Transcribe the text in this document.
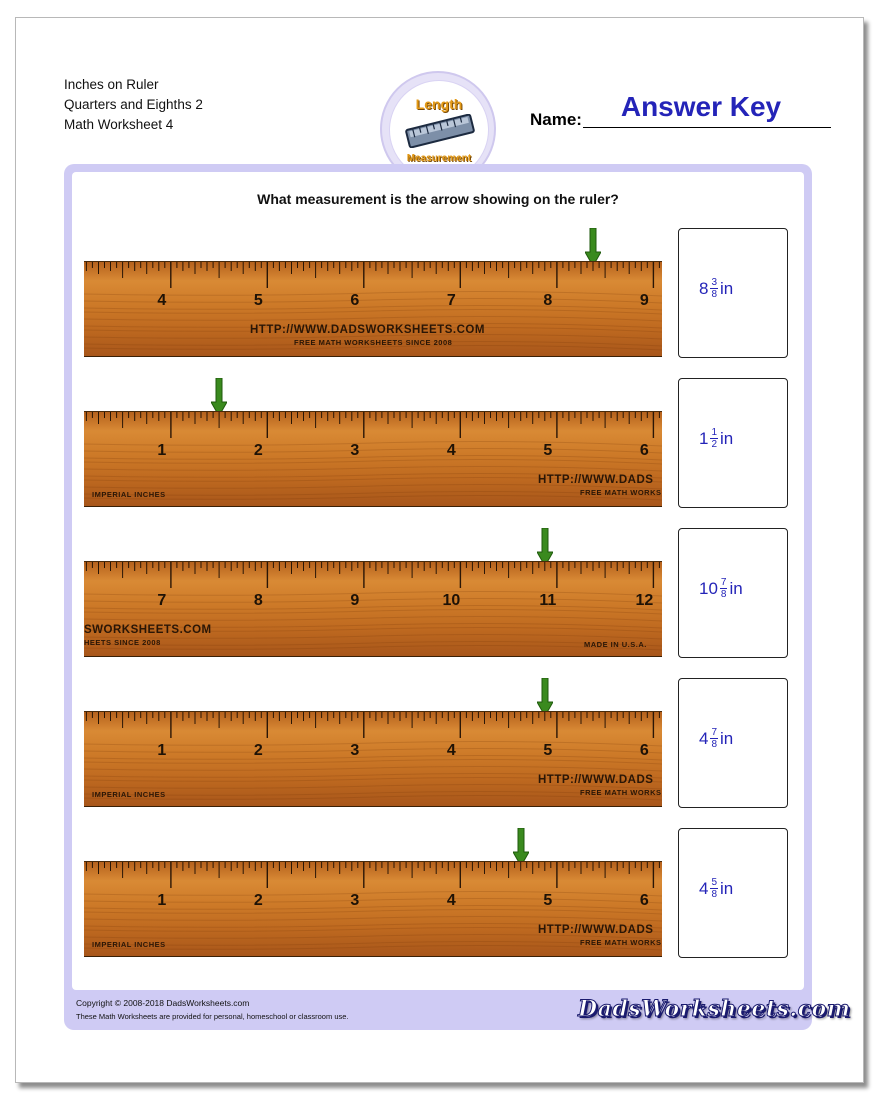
Inches on Ruler
Quarters and Eighths 2
Math Worksheet 4
Length
Measurement
Name:	Answer Key
What measurement is the arrow showing on the ruler?
4	5	6	7	8	9
HTTP://WWW.DADSWORKSHEETS.COM
FREE MATH WORKSHEETS SINCE 2008
$8 \frac{3}{8}$ in
1	2	3	4	5	6
HTTP://WWW.DADS
FREE MATH WORKS
IMPERIAL INCHES
$1 \frac{1}{2}$ in
7	8	9	10	11	12
SWORKSHEETS.COM
HEETS SINCE 2008	MADE IN U.S.A.
$10 \frac{7}{8}$ in
1	2	3	4	5	6
HTTP://WWW.DADS
FREE MATH WORKS
IMPERIAL INCHES
$4 \frac{7}{8}$ in
1	2	3	4	5	6
HTTP://WWW.DADS
FREE MATH WORKS
IMPERIAL INCHES
$4 \frac{5}{8}$ in
Copyright © 2008-2018 DadsWorksheets.com
These Math Worksheets are provided for personal, homeschool or classroom use.	DadsWorksheets.com
